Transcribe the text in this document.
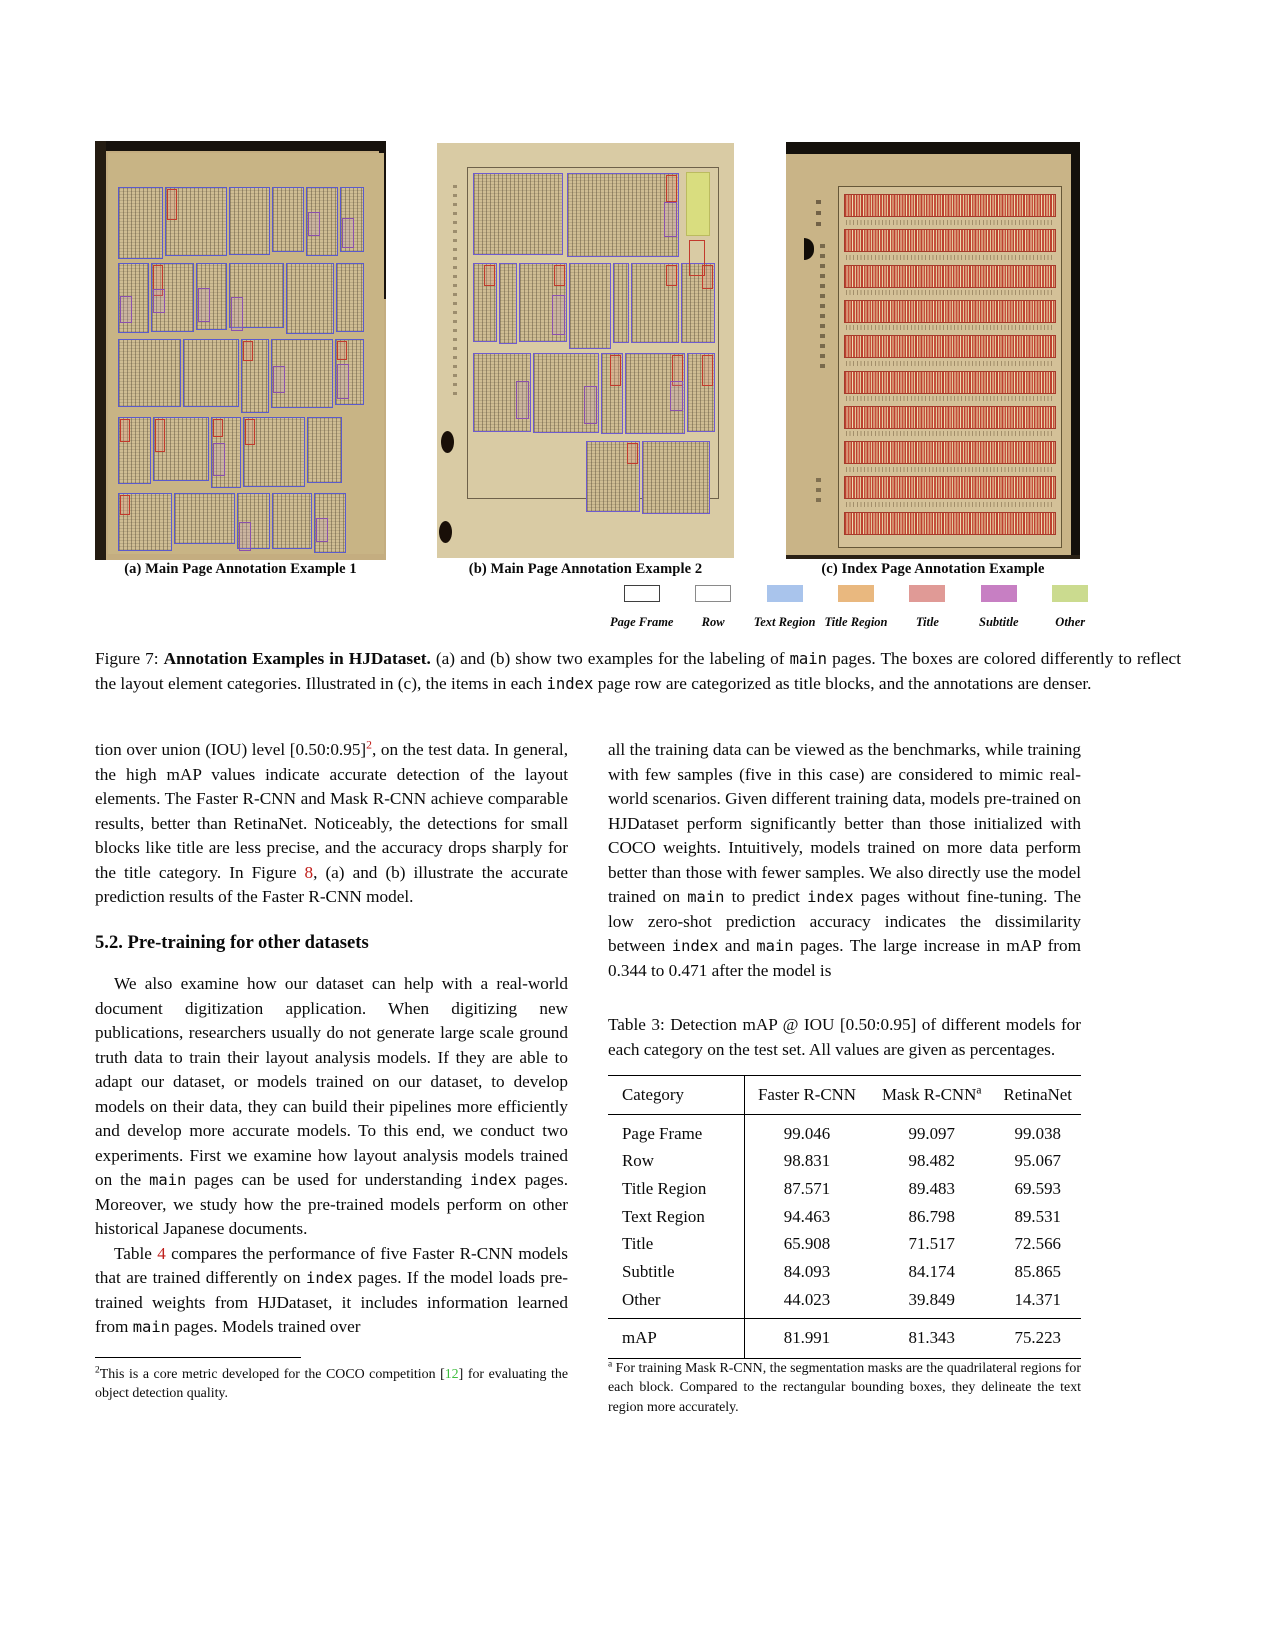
(a) Main Page Annotation Example 1	(b) Main Page Annotation Example 2	(c) Index Page Annotation Example
Page Frame Row Text Region Title Region Title	Subtitle	Other
Figure 7: Annotation Examples in HJDataset. (a) and (b) show two examples for the labeling of main pages. The boxes are colored differently to reflect the layout element categories. Illustrated in (c), the items in each index page row are categorized as title blocks, and the annotations are denser.

tion over union (IOU) level [0.50:0.95]$^2$, on the test data. In general, the high mAP values indicate accurate detection of the layout elements. The Faster R-CNN and Mask R-CNN achieve comparable results, better than RetinaNet. Noticeably, the detections for small blocks like title are less precise, and the accuracy drops sharply for the title category. In Figure 8, (a) and (b) illustrate the accurate prediction results of the Faster R-CNN model.

5.2. Pre-training for other datasets

We also examine how our dataset can help with a real-world document digitization application. When digitizing new publications, researchers usually do not generate large scale ground truth data to train their layout analysis models. If they are able to adapt our dataset, or models trained on our dataset, to develop models on their data, they can build their pipelines more efficiently and develop more accurate models. To this end, we conduct two experiments. First we examine how layout analysis models trained on the main pages can be used for understanding index pages. Moreover, we study how the pre-trained models perform on other historical Japanese documents.

Table 4 compares the performance of five Faster R-CNN models that are trained differently on index pages. If the model loads pre-trained weights from HJDataset, it includes information learned from main pages. Models trained over

$^2$This is a core metric developed for the COCO competition [12] for evaluating the object detection quality.

all the training data can be viewed as the benchmarks, while training with few samples (five in this case) are considered to mimic real-world scenarios. Given different training data, models pre-trained on HJDataset perform significantly better than those initialized with COCO weights. Intuitively, models trained on more data perform better than those with fewer samples. We also directly use the model trained on main to predict index pages without fine-tuning. The low zero-shot prediction accuracy indicates the dissimilarity between index and main pages. The large increase in mAP from 0.344 to 0.471 after the model is

Table 3: Detection mAP @ IOU [0.50:0.95] of different models for each category on the test set. All values are given as percentages.

Category	Faster R-CNN	Mask R-CNN$^a$	RetinaNet
Page Frame	99.046	99.097	99.038
Row	98.831	98.482	95.067
Title Region	87.571	89.483	69.593
Text Region	94.463	86.798	89.531
Title	65.908	71.517	72.566
Subtitle	84.093	84.174	85.865
Other	44.023	39.849	14.371
mAP	81.991	81.343	75.223

$^a$ For training Mask R-CNN, the segmentation masks are the quadrilateral regions for each block. Compared to the rectangular bounding boxes, they delineate the text region more accurately.
